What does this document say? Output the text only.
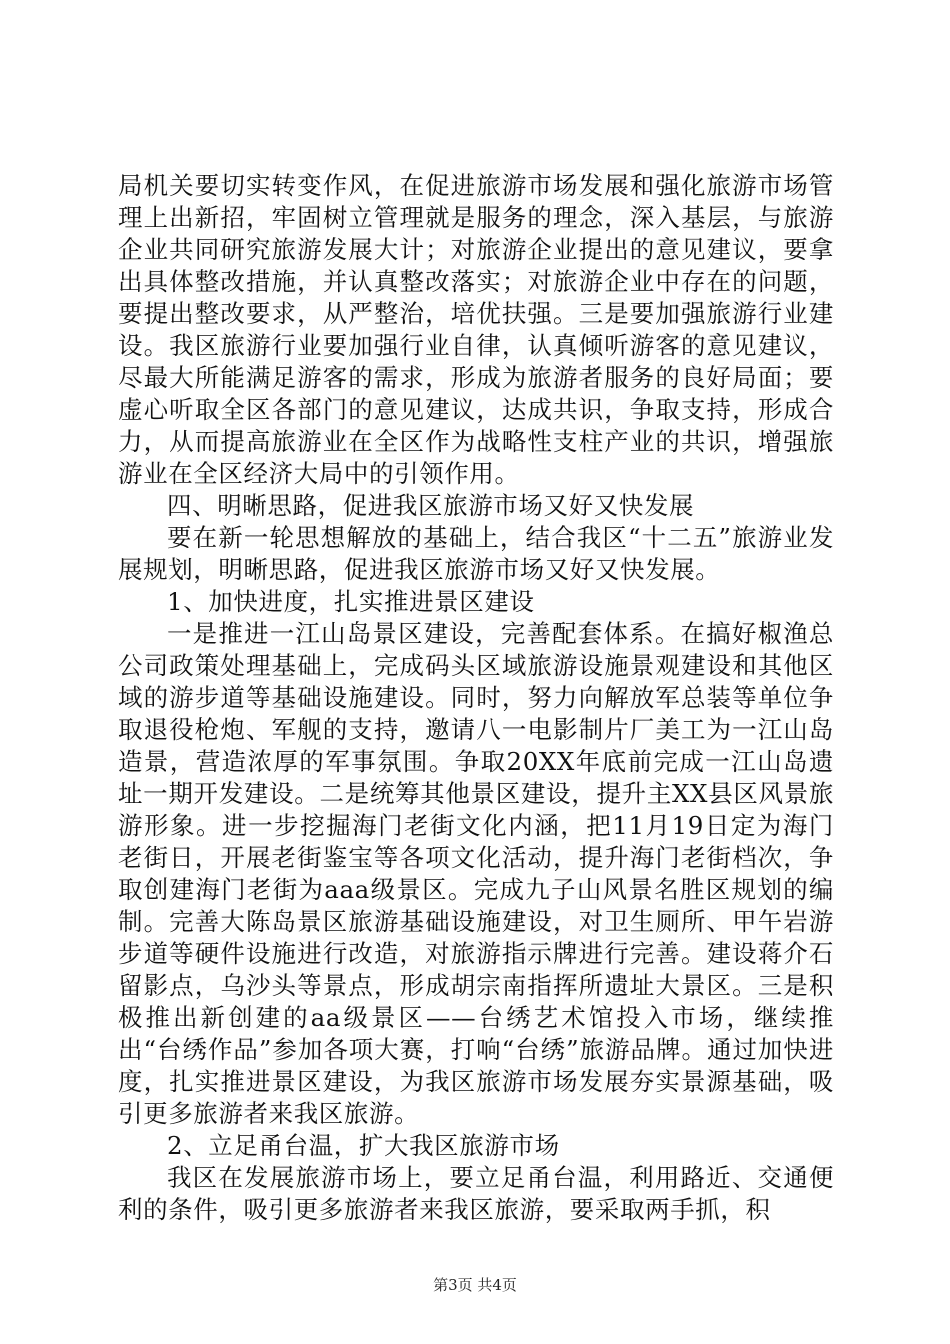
局机关要切实转变作风，在促进旅游市场发展和强化旅游市场管理上出新招，牢固树立管理就是服务的理念，深入基层，与旅游企业共同研究旅游发展大计；对旅游企业提出的意见建议，要拿出具体整改措施，并认真整改落实；对旅游企业中存在的问题，要提出整改要求，从严整治，培优扶强。三是要加强旅游行业建设。我区旅游行业要加强行业自律，认真倾听游客的意见建议，尽最大所能满足游客的需求，形成为旅游者服务的良好局面；要虚心听取全区各部门的意见建议，达成共识，争取支持，形成合力，从而提高旅游业在全区作为战略性支柱产业的共识，增强旅游业在全区经济大局中的引领作用。

四、明晰思路，促进我区旅游市场又好又快发展

要在新一轮思想解放的基础上，结合我区“十二五”旅游业发展规划，明晰思路，促进我区旅游市场又好又快发展。

1、加快进度，扎实推进景区建设

一是推进一江山岛景区建设，完善配套体系。在搞好椒渔总公司政策处理基础上，完成码头区域旅游设施景观建设和其他区域的游步道等基础设施建设。同时，努力向解放军总装等单位争取退役枪炮、军舰的支持，邀请八一电影制片厂美工为一江山岛造景，营造浓厚的军事氛围。争取20XX年底前完成一江山岛遗址一期开发建设。二是统筹其他景区建设，提升主XX县区风景旅游形象。进一步挖掘海门老街文化内涵，把11月19日定为海门老街日，开展老街鉴宝等各项文化活动，提升海门老街档次，争取创建海门老街为aaa级景区。完成九子山风景名胜区规划的编制。完善大陈岛景区旅游基础设施建设，对卫生厕所、甲午岩游步道等硬件设施进行改造，对旅游指示牌进行完善。建设蒋介石留影点，乌沙头等景点，形成胡宗南指挥所遗址大景区。三是积极推出新创建的aa级景区——台绣艺术馆投入市场，继续推出“台绣作品”参加各项大赛，打响“台绣”旅游品牌。通过加快进度，扎实推进景区建设，为我区旅游市场发展夯实景源基础，吸引更多旅游者来我区旅游。

2、立足甬台温，扩大我区旅游市场

我区在发展旅游市场上，要立足甬台温，利用路近、交通便利的条件，吸引更多旅游者来我区旅游，要采取两手抓，积

第3页 共4页
